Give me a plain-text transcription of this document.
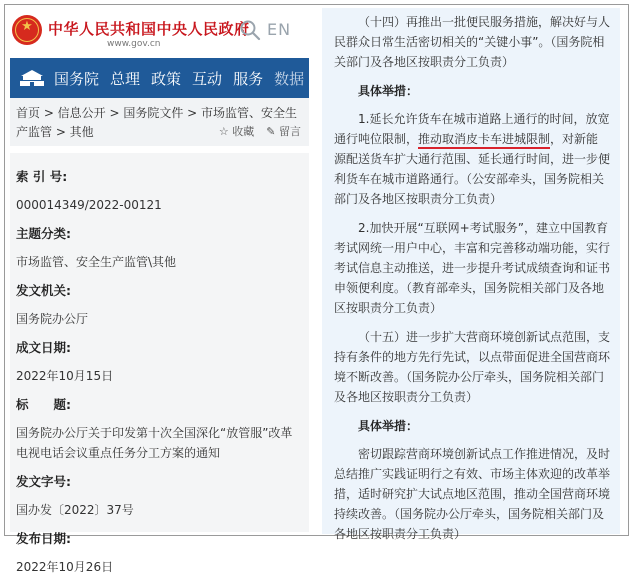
★	中华人民共和国中央人民政府
www.gov.cn
EN
国务院 总理 政策 互动 服务 数据
首页 > 信息公开 > 国务院文件 > 市场监管、安全生
产监管 > 其他	☆ 收藏 ✎ 留言
索 引 号:
000014349/2022-00121
主题分类:
市场监管、安全生产监管\其他
发文机关:
国务院办公厅
成文日期:
2022年10月15日
标　　题:
国务院办公厅关于印发第十次全国深化“放管服”改革电视电话会议重点任务分工方案的通知
发文字号:
国办发〔2022〕37号
发布日期:
2022年10月26日

（十四）再推出一批便民服务措施，解决好与人民群众日常生活密切相关的“关键小事”。（国务院相关部门及各地区按职责分工负责）

具体举措：

1.延长允许货车在城市道路上通行的时间，放宽通行吨位限制，推动取消皮卡车进城限制，对新能源配送货车扩大通行范围、延长通行时间，进一步便利货车在城市道路通行。（公安部牵头，国务院相关部门及各地区按职责分工负责）

2.加快开展“互联网+考试服务”，建立中国教育考试网统一用户中心，丰富和完善移动端功能，实行考试信息主动推送，进一步提升考试成绩查询和证书申领便利度。（教育部牵头，国务院相关部门及各地区按职责分工负责）

（十五）进一步扩大营商环境创新试点范围，支持有条件的地方先行先试，以点带面促进全国营商环境不断改善。（国务院办公厅牵头，国务院相关部门及各地区按职责分工负责）

具体举措：

密切跟踪营商环境创新试点工作推进情况，及时总结推广实践证明行之有效、市场主体欢迎的改革举措，适时研究扩大试点地区范围，推动全国营商环境持续改善。（国务院办公厅牵头，国务院相关部门及各地区按职责分工负责）
